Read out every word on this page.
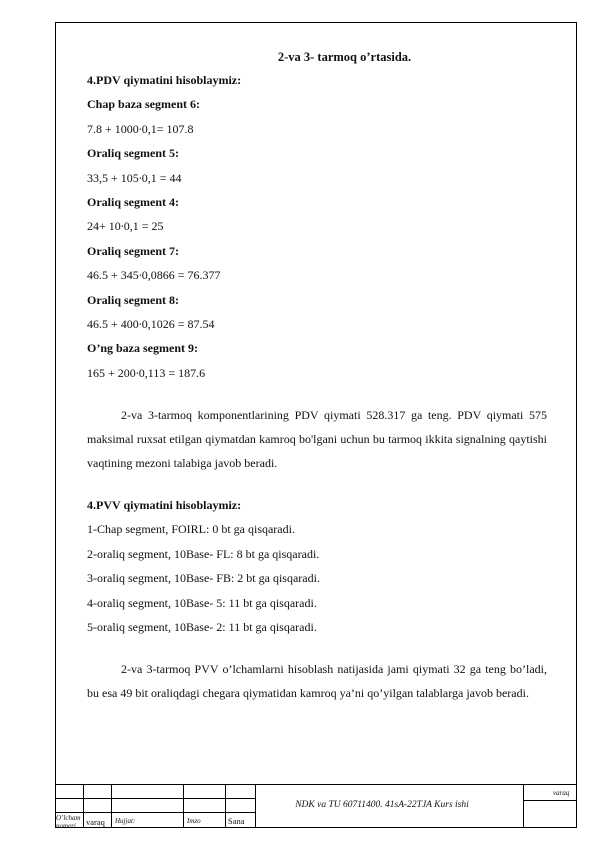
2-va 3- tarmoq o’rtasida.
4.PDV qiymatini hisoblaymiz:
Chap baza segment 6:
7.8 + 1000∙0,1= 107.8
Oraliq segment 5:
33,5 + 105∙0,1 = 44
Oraliq segment 4:
24+ 10∙0,1 = 25
Oraliq segment 7:
46.5 + 345∙0,0866 = 76.377
Oraliq segment 8:
46.5 + 400∙0,1026 = 87.54
O’ng baza segment 9:
165 + 200∙0,113 = 187.6

2-va 3-tarmoq komponentlarining PDV qiymati 528.317 ga teng. PDV qiymati 575 maksimal ruxsat etilgan qiymatdan kamroq bo'lgani uchun bu tarmoq ikkita signalning qaytishi vaqtining mezoni talabiga javob beradi.

4.PVV qiymatini hisoblaymiz:
1-Chap segment, FOIRL: 0 bt ga qisqaradi.
2-oraliq segment, 10Base- FL: 8 bt ga qisqaradi.
3-oraliq segment, 10Base- FB: 2 bt ga qisqaradi.
4-oraliq segment, 10Base- 5: 11 bt ga qisqaradi.
5-oraliq segment, 10Base- 2: 11 bt ga qisqaradi.

2-va 3-tarmoq PVV o’lchamlarni hisoblash natijasida jami qiymati 32 ga teng bo’ladi, bu esa 49 bit oraliqdagi chegara qiymatidan kamroq ya’ni qo’yilgan talablarga javob beradi.

O’lcham
nomeri varaq Hujjat:	Imzo	Sana
NDK va TU 60711400. 41sA-22TJA Kurs ishi
varaq
